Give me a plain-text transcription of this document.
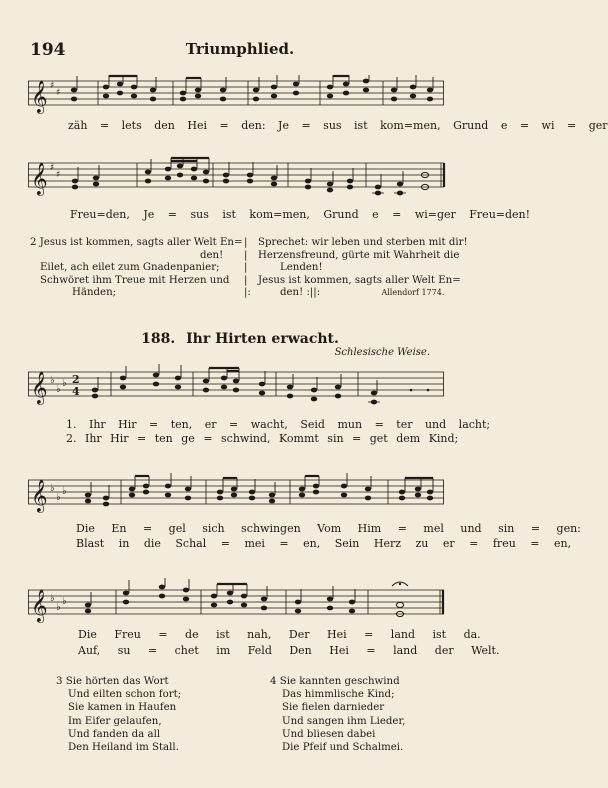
194	Triumphlied.
𝄞 ♯
♯
zäh = lets den Hei = den: Je = sus ist kom=men, Grund e = wi = ger
𝄞 ♯
♯
Freu=den, Je = sus ist kom=men, Grund e = wi=ger Freu=den!
2 Jesus ist kommen, sagts aller Welt En=
den!
Eilet, ach eilet zum Gnadenpanier;
Schwöret ihm Treue mit Herzen und
Händen;
|
|
|
|
|:
Sprechet: wir leben und sterben mit dir!
Herzensfreund, gürte mit Wahrheit die
Lenden!
Jesus ist kommen, sagts aller Welt En=
den! :||:	Allendorf 1774.
188. Ihr Hirten erwacht.
Schlesische Weise.
𝄞 ♭
♭
♭ 2
4
1. Ihr Hir = ten, er = wacht, Seid mun = ter und lacht;
2. Ihr Hir = ten ge = schwind, Kommt sin = get dem Kind;
𝄞 ♭
♭
♭
Die En = gel sich schwingen Vom Him = mel und sin = gen:
Blast in die Schal = mei = en, Sein Herz zu er = freu = en,
𝄞 ♭
♭
♭
Die Freu = de ist nah, Der Hei = land ist da.
Auf, su = chet im Feld Den Hei = land der Welt.
3 Sie hörten das Wort
Und eilten schon fort;
Sie kamen in Haufen
Im Eifer gelaufen,
Und fanden da all
Den Heiland im Stall.
4 Sie kannten geschwind
Das himmlische Kind;
Sie fielen darnieder
Und sangen ihm Lieder,
Und bliesen dabei
Die Pfeif und Schalmei.
